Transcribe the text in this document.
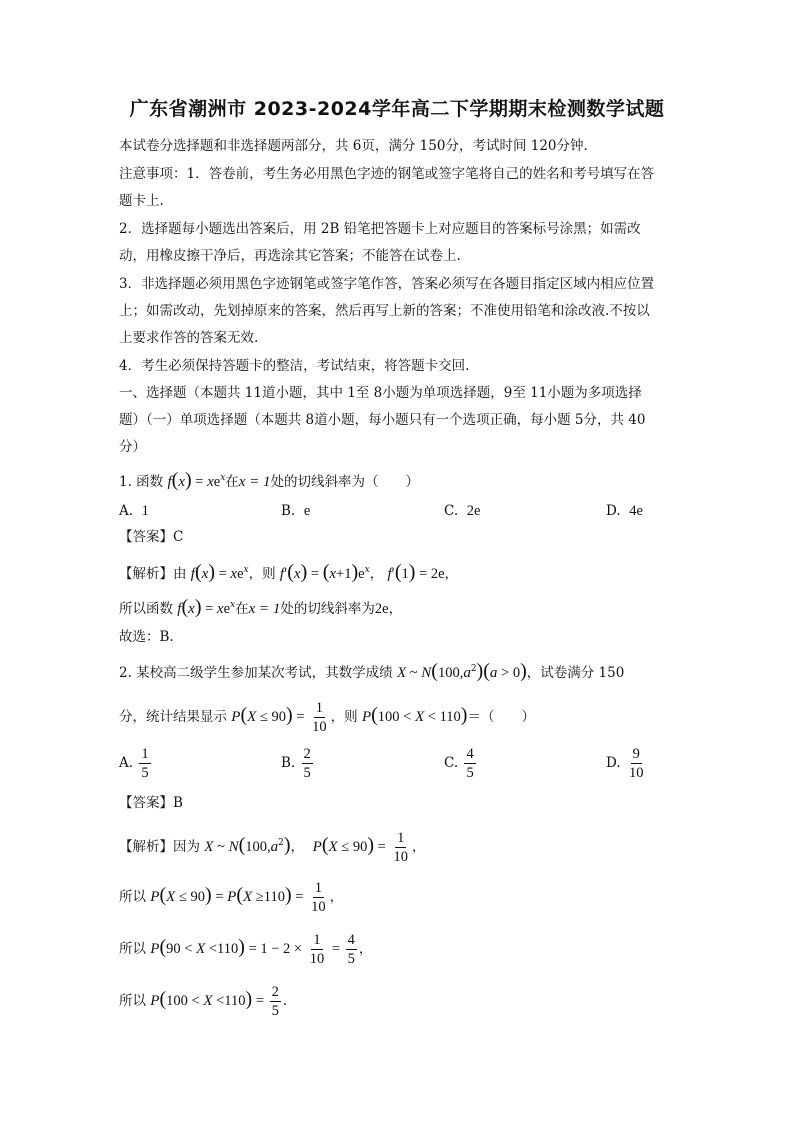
广东省潮洲市 2023-2024学年高二下学期期末检测数学试题
本试卷分选择题和非选择题两部分，共 6页，满分 150分，考试时间 120分钟.
注意事项：1．答卷前，考生务必用黑色字迹的钢笔或签字笔将自己的姓名和考号填写在答
题卡上.
2．选择题每小题选出答案后，用 2B 铅笔把答题卡上对应题目的答案标号涂黑；如需改
动，用橡皮擦干净后，再选涂其它答案；不能答在试卷上.
3．非选择题必须用黑色字迹钢笔或签字笔作答，答案必须写在各题目指定区域内相应位置
上；如需改动，先划掉原来的答案，然后再写上新的答案；不准使用铅笔和涂改液.不按以
上要求作答的答案无效.
4．考生必须保持答题卡的整洁，考试结束，将答题卡交回.
一、选择题（本题共 11道小题，其中 1至 8小题为单项选择题，9至 11小题为多项选择
题）（一）单项选择题（本题共 8道小题，每小题只有一个选项正确，每小题 5分，共 40
分）
1. 函数 $f(x) = xe^x$在x = 1处的切线斜率为（　　）
A. 1	B. e	C. 2e	D. 4e
【答案】C
【解析】由 $f(x) = xe^x$，则 $f'(x) = (x+1)e^x$， f′(1) = 2e，
所以函数 $f(x) = xe^x$在x = 1处的切线斜率为2e，
故选：B.
2. 某校高二级学生参加某次考试，其数学成绩 X ~ $N(100,a^2)(a > 0)$，试卷满分 150
分，统计结果显示 $P(X \le 90) = \frac{1}{10}$ ，则 P(100 < X < 110)＝（　　）
A. $\frac{1}{5}$	B. $\frac{2}{5}$	C. $\frac{4}{5}$	D. $\frac{9}{10}$
【答案】B
【解析】因为 X ~ $N(100,a^2)$， $P(X \le 90) = \frac{1}{10}$ ，
所以 $P(X \le 90) = P(X \ge 110) = \frac{1}{10}$ ，
所以 $P(90 < X <110) = 1 - 2 \times \frac{1}{10} = \frac{4}{5}$ ，
所以 $P(100 < X <110) = \frac{2}{5}$ .
